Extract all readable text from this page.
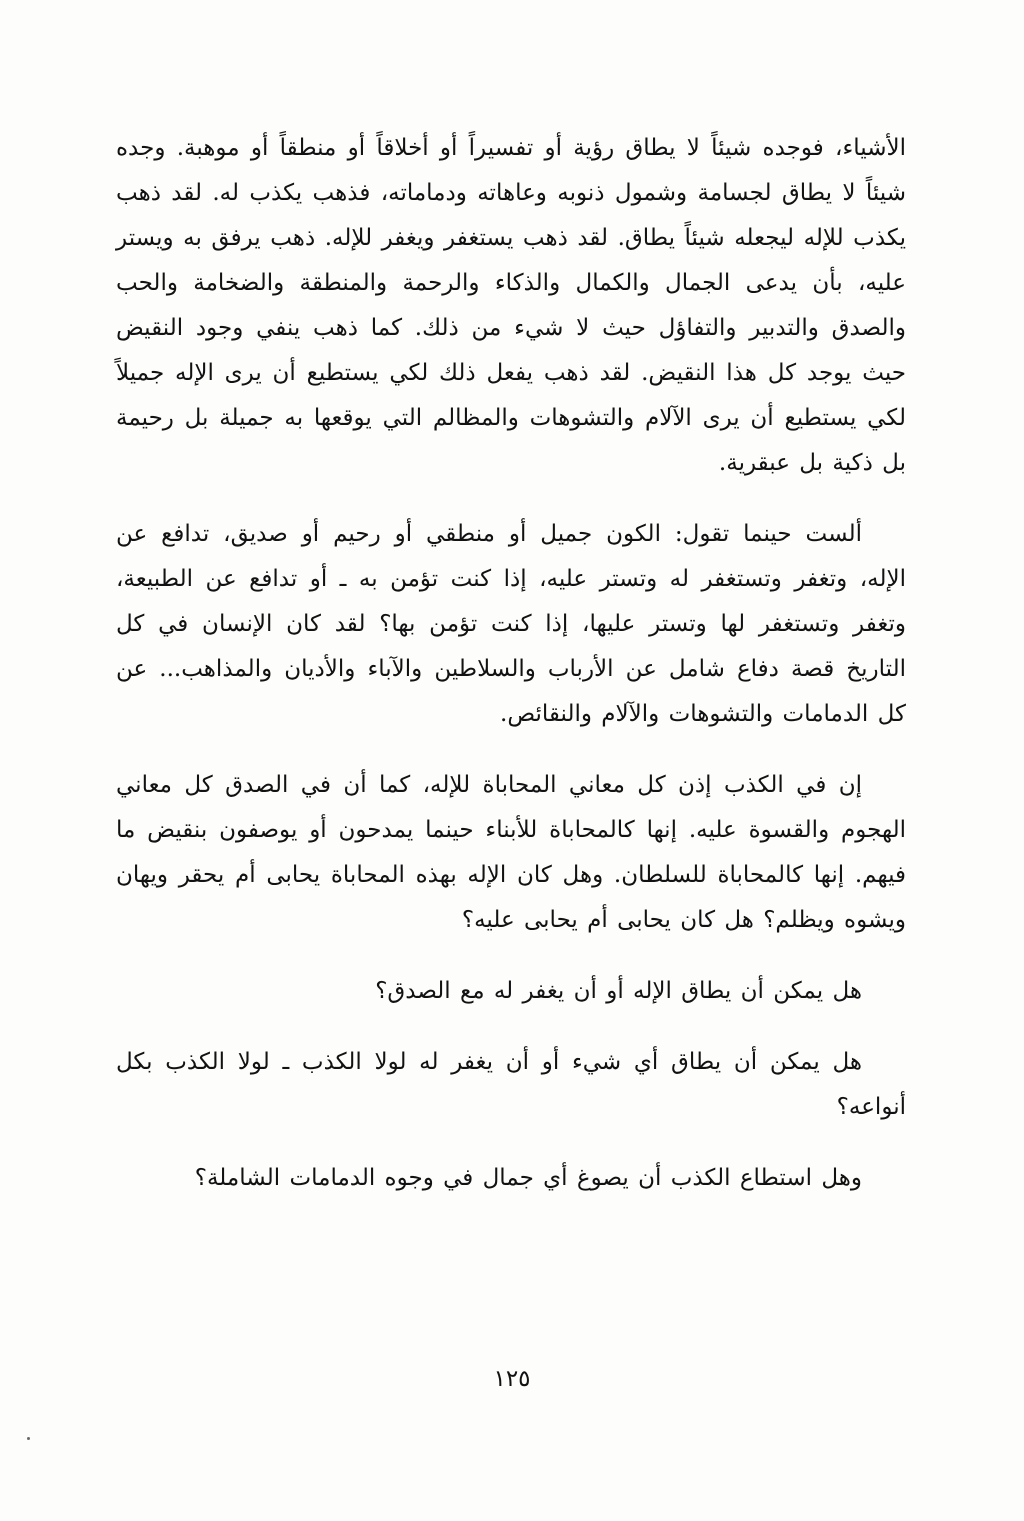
الأشياء، فوجده شيئاً لا يطاق رؤية أو تفسيراً أو أخلاقاً أو منطقاً أو موهبة. وجده شيئاً لا يطاق لجسامة وشمول ذنوبه وعاهاته ودماماته، فذهب يكذب له. لقد ذهب يكذب للإله ليجعله شيئاً يطاق. لقد ذهب يستغفر ويغفر للإله. ذهب يرفق به ويستر عليه، بأن يدعى الجمال والكمال والذكاء والرحمة والمنطقة والضخامة والحب والصدق والتدبير والتفاؤل حيث لا شيء من ذلك. كما ذهب ينفي وجود النقيض حيث يوجد كل هذا النقيض. لقد ذهب يفعل ذلك لكي يستطيع أن يرى الإله جميلاً لكي يستطيع أن يرى الآلام والتشوهات والمظالم التي يوقعها به جميلة بل رحيمة بل ذكية بل عبقرية.

ألست حينما تقول: الكون جميل أو منطقي أو رحيم أو صديق، تدافع عن الإله، وتغفر وتستغفر له وتستر عليه، إذا كنت تؤمن به ـ أو تدافع عن الطبيعة، وتغفر وتستغفر لها وتستر عليها، إذا كنت تؤمن بها؟ لقد كان الإنسان في كل التاريخ قصة دفاع شامل عن الأرباب والسلاطين والآباء والأديان والمذاهب... عن كل الدمامات والتشوهات والآلام والنقائص.

إن في الكذب إذن كل معاني المحاباة للإله، كما أن في الصدق كل معاني الهجوم والقسوة عليه. إنها كالمحاباة للأبناء حينما يمدحون أو يوصفون بنقيض ما فيهم. إنها كالمحاباة للسلطان. وهل كان الإله بهذه المحاباة يحابى أم يحقر ويهان ويشوه ويظلم؟ هل كان يحابى أم يحابى عليه؟

هل يمكن أن يطاق الإله أو أن يغفر له مع الصدق؟

هل يمكن أن يطاق أي شيء أو أن يغفر له لولا الكذب ـ لولا الكذب بكل أنواعه؟

وهل استطاع الكذب أن يصوغ أي جمال في وجوه الدمامات الشاملة؟

١٢٥
